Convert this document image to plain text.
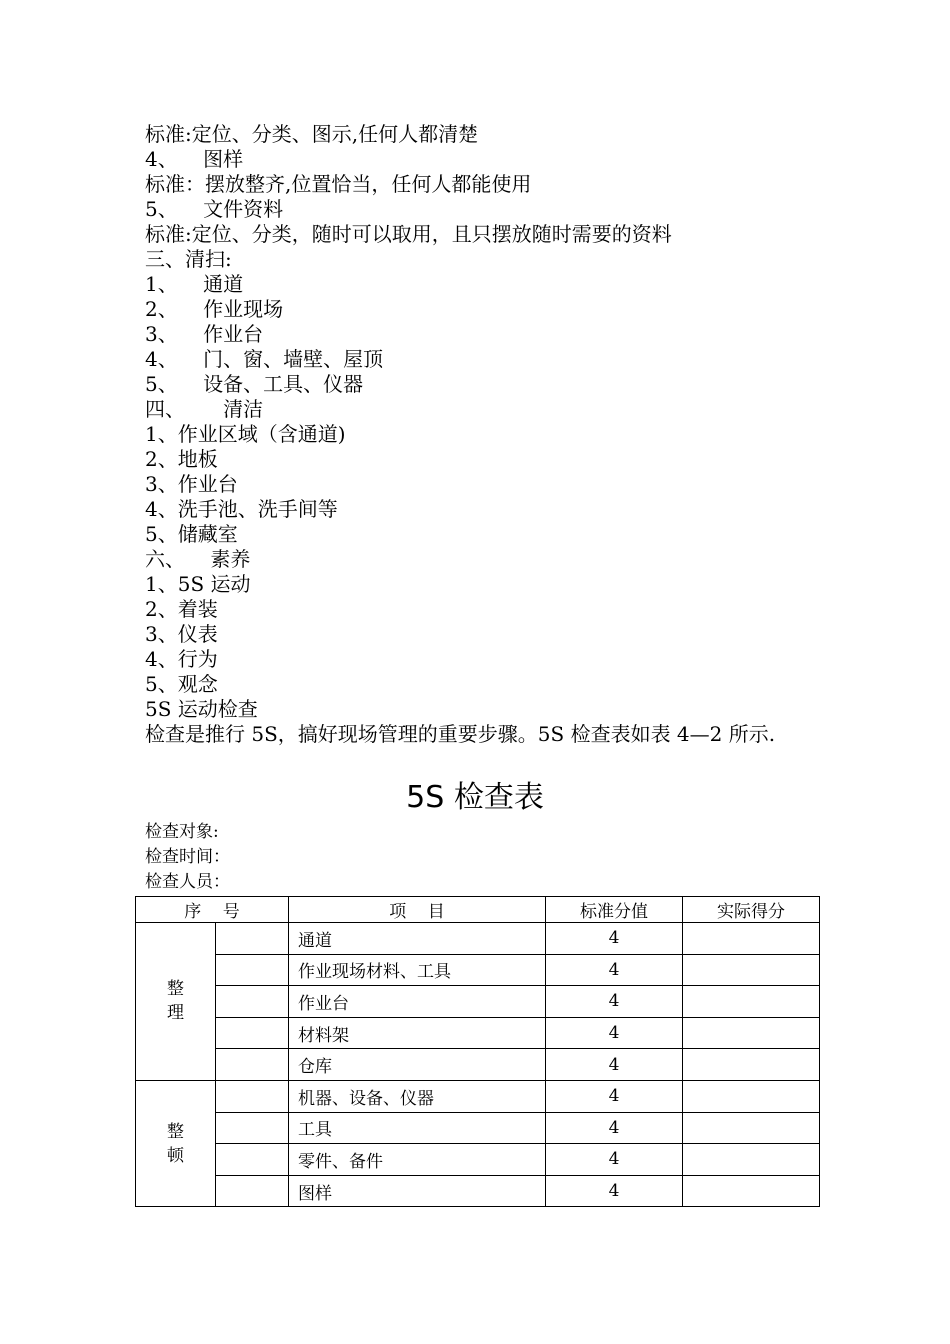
标准:定位、分类、图示,任何人都清楚
4、    图样
标准：摆放整齐,位置恰当，任何人都能使用
5、    文件资料
标准:定位、分类，随时可以取用，且只摆放随时需要的资料
三、清扫:
1、    通道
2、    作业现场
3、    作业台
4、    门、窗、墙壁、屋顶
5、    设备、工具、仪器
四、      清洁
1、作业区域（含通道)
2、地板
3、作业台
4、洗手池、洗手间等
5、储藏室
六、    素养
1、5S 运动
2、着装
3、仪表
4、行为
5、观念
5S 运动检查
检查是推行 5S，搞好现场管理的重要步骤。5S 检查表如表 4—2 所示.
5S 检查表
检查对象:
检查时间：
检查人员：
序    号		项    目	标准分值	实际得分

整
理		通道	4	
		作业现场材料、工具	4	
		作业台	4	
		材料架	4	
		仓库	4	

整
顿		机器、设备、仪器	4	
		工具	4	
		零件、备件	4	
		图样	4	
